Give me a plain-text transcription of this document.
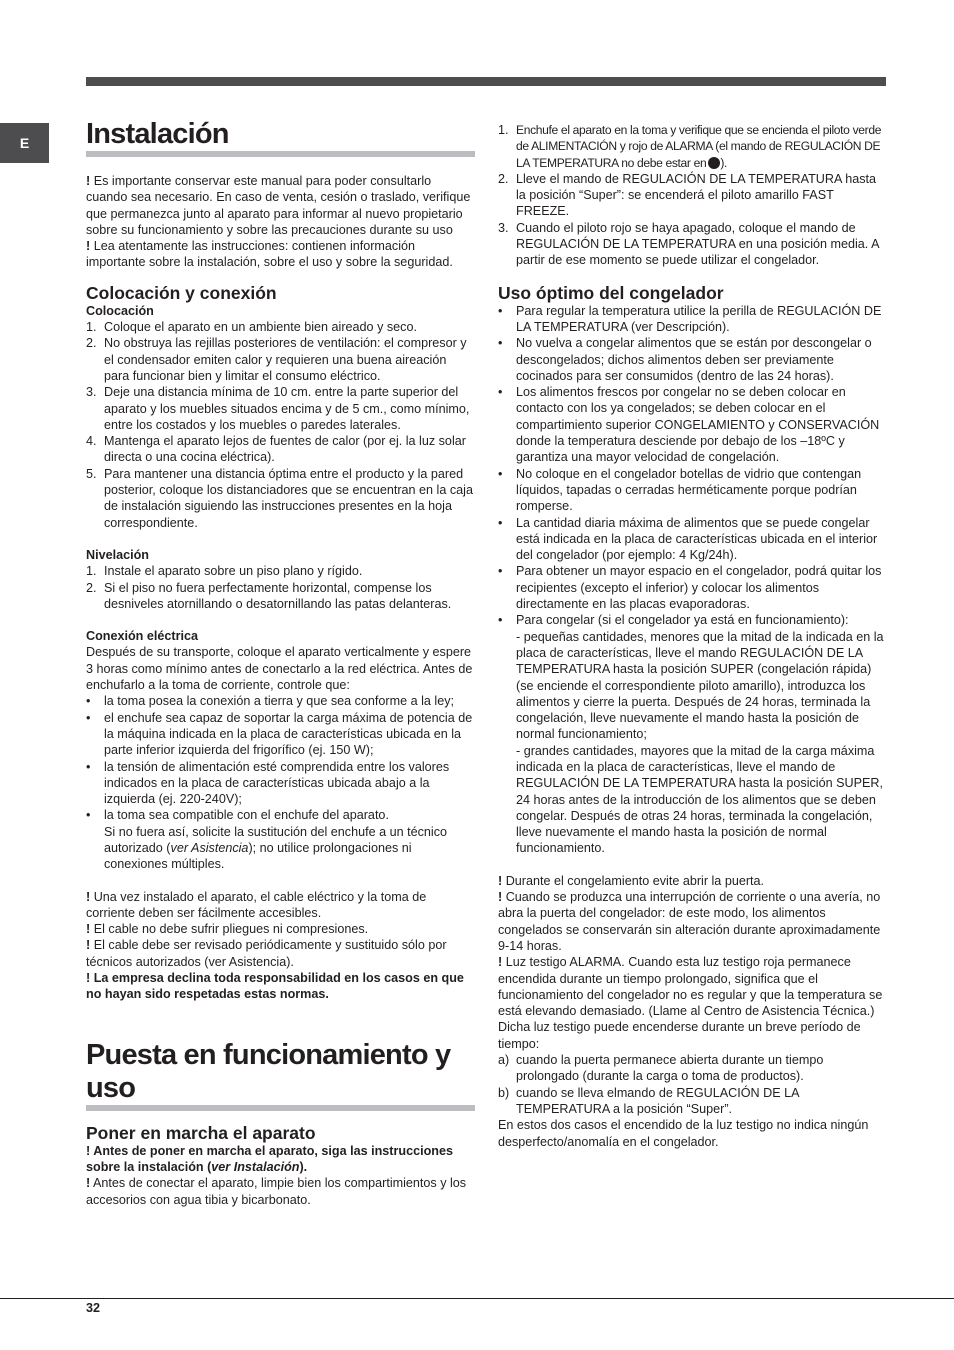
E Instalación

! Es importante conservar este manual para poder consultarlo cuando sea necesario. En caso de venta, cesión o traslado, verifique que permanezca junto al aparato para informar al nuevo propietario sobre su funcionamiento y sobre las precauciones durante su uso

! Lea atentamente las instrucciones: contienen información importante sobre la instalación, sobre el uso y sobre la seguridad.

Colocación y conexión
Colocación
1. Coloque el aparato en un ambiente bien aireado y seco.
2. No obstruya las rejillas posteriores de ventilación: el compresor y el condensador emiten calor y requieren una buena aireación para funcionar bien y limitar el consumo eléctrico.
3. Deje una distancia mínima de 10 cm. entre la parte superior del aparato y los muebles situados encima y de 5 cm., como mínimo, entre los costados y los muebles o paredes laterales.
4. Mantenga el aparato lejos de fuentes de calor (por ej. la luz solar directa o una cocina eléctrica).
5. Para mantener una distancia óptima entre el producto y la pared posterior, coloque los distanciadores que se encuentran en la caja de instalación siguiendo las instrucciones presentes en la hoja correspondiente.
Nivelación
1. Instale el aparato sobre un piso plano y rígido.
2. Si el piso no fuera perfectamente horizontal, compense los desniveles atornillando o desatornillando las patas delanteras.
Conexión eléctrica

Después de su transporte, coloque el aparato verticalmente y espere 3 horas como mínimo antes de conectarlo a la red eléctrica. Antes de enchufarlo a la toma de corriente, controle que:

• la toma posea la conexión a tierra y que sea conforme a la ley;
• el enchufe sea capaz de soportar la carga máxima de potencia de la máquina indicada en la placa de características ubicada en la parte inferior izquierda del frigorífico (ej. 150 W);
• la tensión de alimentación esté comprendida entre los valores indicados en la placa de características ubicada abajo a la izquierda (ej. 220-240V);
• la toma sea compatible con el enchufe del aparato.
Si no fuera así, solicite la sustitución del enchufe a un técnico autorizado (ver Asistencia); no utilice prolongaciones ni conexiones múltiples.

! Una vez instalado el aparato, el cable eléctrico y la toma de corriente deben ser fácilmente accesibles.

! El cable no debe sufrir pliegues ni compresiones.

! El cable debe ser revisado periódicamente y sustituido sólo por técnicos autorizados (ver Asistencia).

! La empresa declina toda responsabilidad en los casos en que no hayan sido respetadas estas normas.

Puesta en funcionamiento y uso
Poner en marcha el aparato

! Antes de poner en marcha el aparato, siga las instrucciones sobre la instalación (ver Instalación).

! Antes de conectar el aparato, limpie bien los compartimientos y los accesorios con agua tibia y bicarbonato.

1. Enchufe el aparato en la toma y verifique que se encienda el piloto verde de ALIMENTACIÓN y rojo de ALARMA (el mando de REGULACIÓN DE LA TEMPERATURA no debe estar en ).
2. Lleve el mando de REGULACIÓN DE LA TEMPERATURA hasta la posición “Super”: se encenderá el piloto amarillo FAST FREEZE.
3. Cuando el piloto rojo se haya apagado, coloque el mando de REGULACIÓN DE LA TEMPERATURA en una posición media. A partir de ese momento se puede utilizar el congelador.
Uso óptimo del congelador
• Para regular la temperatura utilice la perilla de REGULACIÓN DE LA TEMPERATURA (ver Descripción).
• No vuelva a congelar alimentos que se están por descongelar o descongelados; dichos alimentos deben ser previamente cocinados para ser consumidos (dentro de las 24 horas).
• Los alimentos frescos por congelar no se deben colocar en contacto con los ya congelados; se deben colocar en el compartimiento superior CONGELAMIENTO y CONSERVACIÓN donde la temperatura desciende por debajo de los –18ºC y garantiza una mayor velocidad de congelación.
• No coloque en el congelador botellas de vidrio que contengan líquidos, tapadas o cerradas herméticamente porque podrían romperse.
• La cantidad diaria máxima de alimentos que se puede congelar está indicada en la placa de características ubicada en el interior del congelador (por ejemplo: 4 Kg/24h).
• Para obtener un mayor espacio en el congelador, podrá quitar los recipientes (excepto el inferior) y colocar los alimentos directamente en las placas evaporadoras.
• Para congelar (si el congelador ya está en funcionamiento):
- pequeñas cantidades, menores que la mitad de la indicada en la placa de características, lleve el mando REGULACIÓN DE LA TEMPERATURA hasta la posición SUPER (congelación rápida) (se enciende el correspondiente piloto amarillo), introduzca los alimentos y cierre la puerta. Después de 24 horas, terminada la congelación, lleve nuevamente el mando hasta la posición de normal funcionamiento;
- grandes cantidades, mayores que la mitad de la carga máxima indicada en la placa de características, lleve el mando de REGULACIÓN DE LA TEMPERATURA hasta la posición SUPER, 24 horas antes de la introducción de los alimentos que se deben congelar. Después de otras 24 horas, terminada la congelación, lleve nuevamente el mando hasta la posición de normal funcionamiento.

! Durante el congelamiento evite abrir la puerta.

! Cuando se produzca una interrupción de corriente o una avería, no abra la puerta del congelador: de este modo, los alimentos congelados se conservarán sin alteración durante aproximadamente 9-14 horas.

! Luz testigo ALARMA. Cuando esta luz testigo roja permanece encendida durante un tiempo prolongado, significa que el funcionamiento del congelador no es regular y que la temperatura se está elevando demasiado. (Llame al Centro de Asistencia Técnica.)

Dicha luz testigo puede encenderse durante un breve período de tiempo:

a) cuando la puerta permanece abierta durante un tiempo prolongado (durante la carga o toma de productos).
b) cuando se lleva elmando de REGULACIÓN DE LA TEMPERATURA a la posición “Super”.

En estos dos casos el encendido de la luz testigo no indica ningún desperfecto/anomalía en el congelador.

32
